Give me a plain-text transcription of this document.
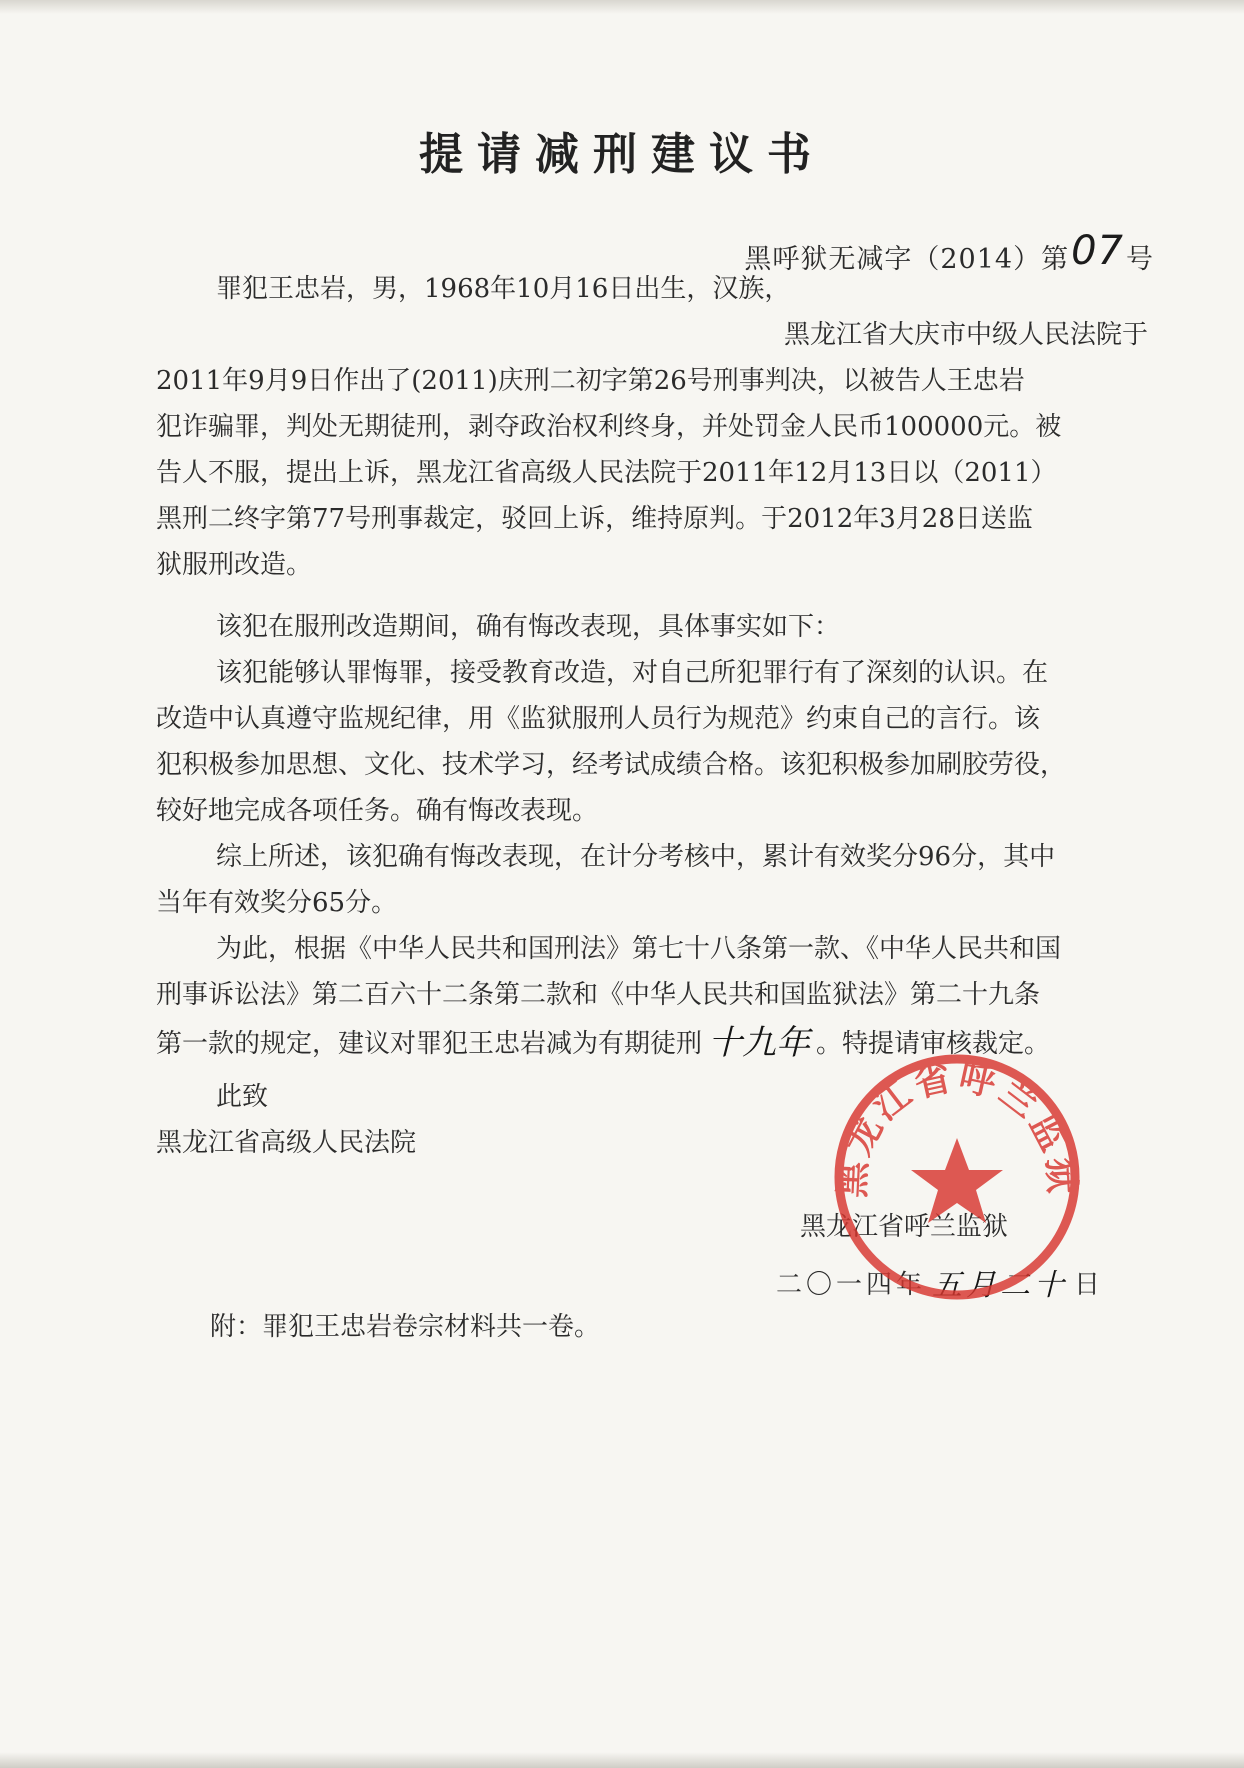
提请减刑建议书
黑呼狱无减字（2014）第07号
罪犯王忠岩，男，1968年10月16日出生，汉族，
黑龙江省大庆市中级人民法院于
2011年9月9日作出了(2011)庆刑二初字第26号刑事判决，以被告人王忠岩
犯诈骗罪，判处无期徒刑，剥夺政治权利终身，并处罚金人民币100000元。被
告人不服，提出上诉，黑龙江省高级人民法院于2011年12月13日以（2011）
黑刑二终字第77号刑事裁定，驳回上诉，维持原判。于2012年3月28日送监
狱服刑改造。
该犯在服刑改造期间，确有悔改表现，具体事实如下：
该犯能够认罪悔罪，接受教育改造，对自己所犯罪行有了深刻的认识。在
改造中认真遵守监规纪律，用《监狱服刑人员行为规范》约束自己的言行。该
犯积极参加思想、文化、技术学习，经考试成绩合格。该犯积极参加刷胶劳役，
较好地完成各项任务。确有悔改表现。
综上所述，该犯确有悔改表现，在计分考核中，累计有效奖分96分，其中
当年有效奖分65分。
为此，根据《中华人民共和国刑法》第七十八条第一款、《中华人民共和国
刑事诉讼法》第二百六十二条第二款和《中华人民共和国监狱法》第二十九条
第一款的规定，建议对罪犯王忠岩减为有期徒刑 十九年 。特提请审核裁定。
此致
黑龙江省高级人民法院
黑龙江省呼兰监狱
二〇一四年 五月二十 日
黑龙江省呼兰监狱
附：罪犯王忠岩卷宗材料共一卷。
